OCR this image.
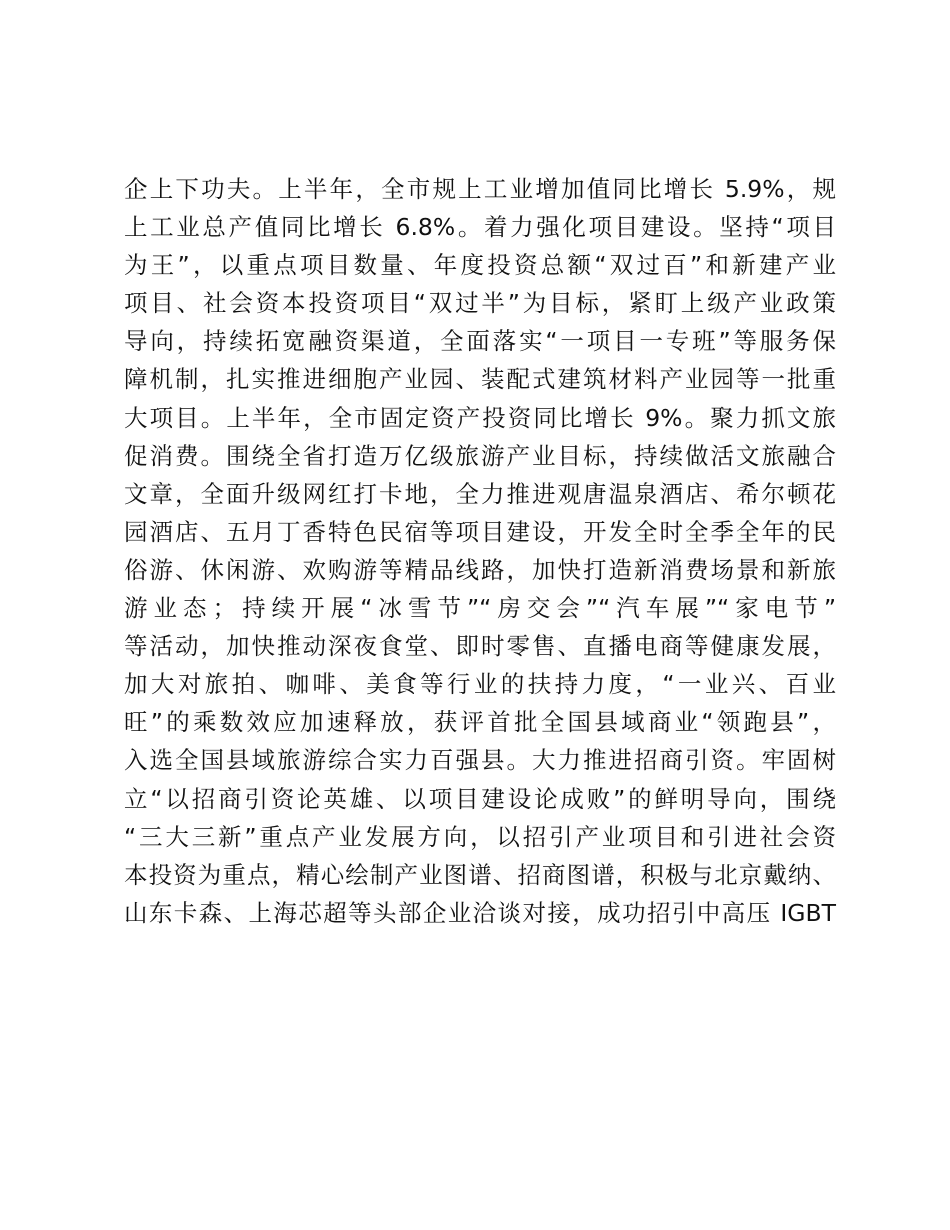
企上下功夫。上半年，全市规上工业增加值同比增长 5.9%，规
上工业总产值同比增长 6.8%。着力强化项目建设。坚持“项目
为王”，以重点项目数量、年度投资总额“双过百”和新建产业
项目、社会资本投资项目“双过半”为目标，紧盯上级产业政策
导向，持续拓宽融资渠道，全面落实“一项目一专班”等服务保
障机制，扎实推进细胞产业园、装配式建筑材料产业园等一批重
大项目。上半年，全市固定资产投资同比增长 9%。聚力抓文旅
促消费。围绕全省打造万亿级旅游产业目标，持续做活文旅融合
文章，全面升级网红打卡地，全力推进观唐温泉酒店、希尔顿花
园酒店、五月丁香特色民宿等项目建设，开发全时全季全年的民
俗游、休闲游、欢购游等精品线路，加快打造新消费场景和新旅
游业态；持续开展“冰雪节”“房交会”“汽车展”“家电节”
等活动，加快推动深夜食堂、即时零售、直播电商等健康发展，
加大对旅拍、咖啡、美食等行业的扶持力度，“一业兴、百业
旺”的乘数效应加速释放，获评首批全国县域商业“领跑县”，
入选全国县域旅游综合实力百强县。大力推进招商引资。牢固树
立“以招商引资论英雄、以项目建设论成败”的鲜明导向，围绕
“三大三新”重点产业发展方向，以招引产业项目和引进社会资
本投资为重点，精心绘制产业图谱、招商图谱，积极与北京戴纳、
山东卡森、上海芯超等头部企业洽谈对接，成功招引中高压 IGBT
